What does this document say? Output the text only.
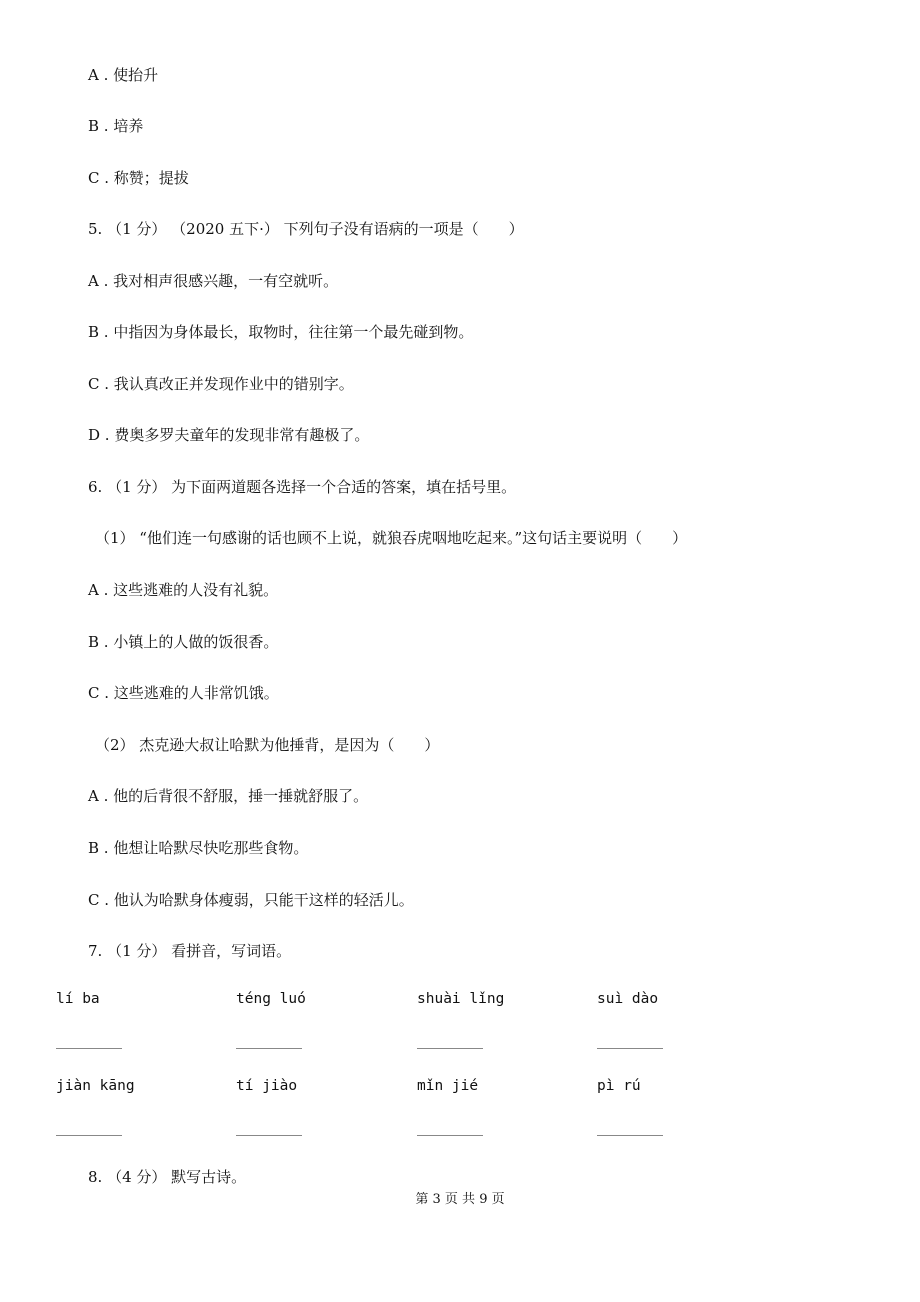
A . 使抬升
B . 培养
C . 称赞；提拔
5. （1 分） （2020 五下·） 下列句子没有语病的一项是（　　）
A . 我对相声很感兴趣，一有空就听。
B . 中指因为身体最长，取物时，往往第一个最先碰到物。
C . 我认真改正并发现作业中的错别字。
D . 费奥多罗夫童年的发现非常有趣极了。
6. （1 分） 为下面两道题各选择一个合适的答案，填在括号里。
（1） “他们连一句感谢的话也顾不上说，就狼吞虎咽地吃起来。”这句话主要说明（　　）
A . 这些逃难的人没有礼貌。
B . 小镇上的人做的饭很香。
C . 这些逃难的人非常饥饿。
（2） 杰克逊大叔让哈默为他捶背，是因为（　　）
A . 他的后背很不舒服，捶一捶就舒服了。
B . 他想让哈默尽快吃那些食物。
C . 他认为哈默身体瘦弱，只能干这样的轻活儿。
7. （1 分） 看拼音，写词语。
lí ba	téng luó	shuài lǐng	suì dào
jiàn kāng	tí jiào	mǐn jié	pì rú
8. （4 分） 默写古诗。
第 3 页 共 9 页
